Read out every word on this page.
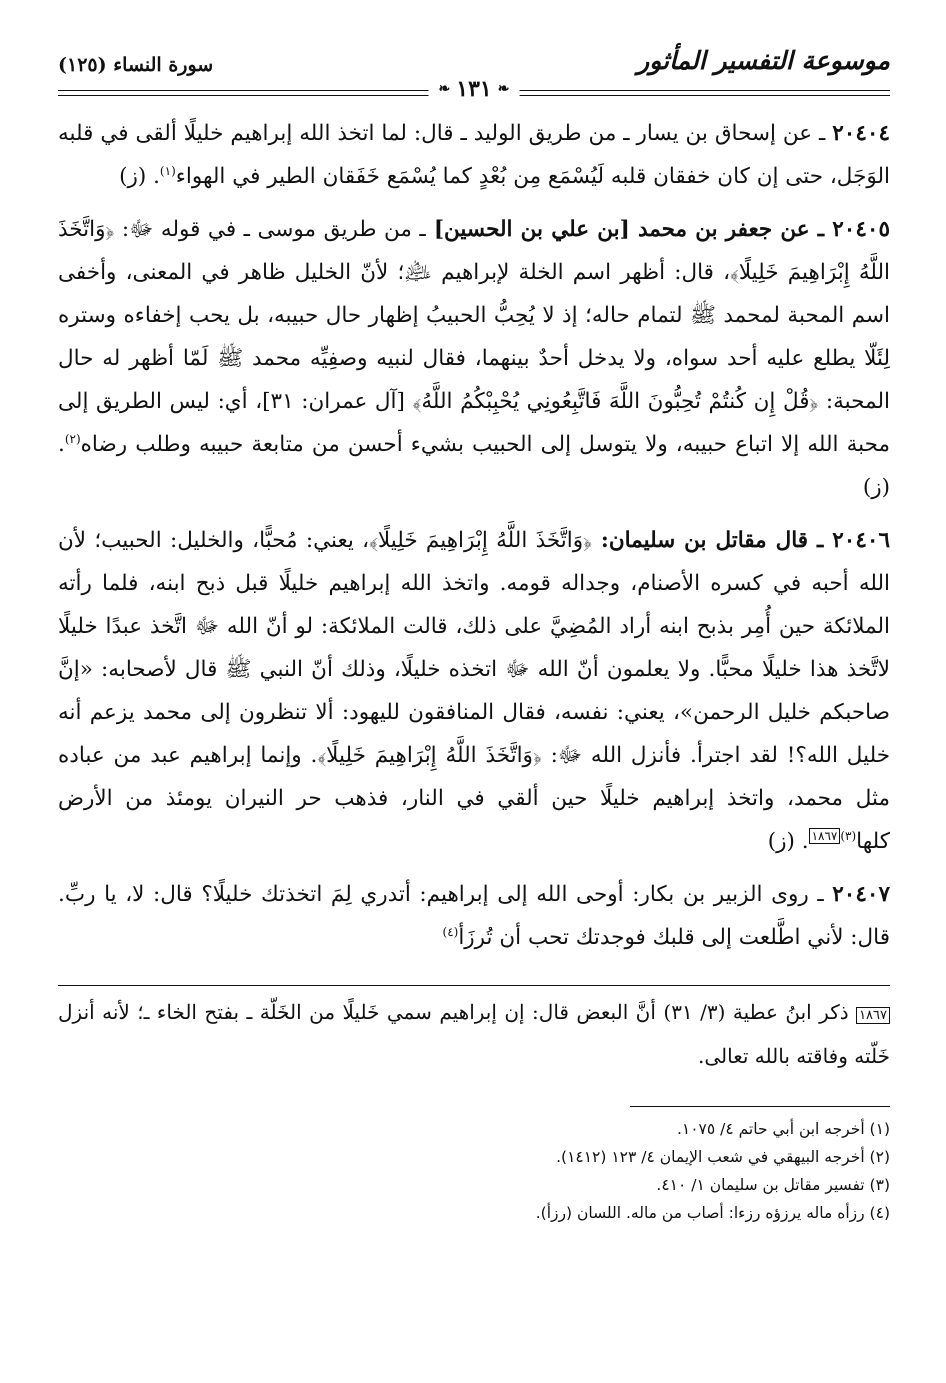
موسوعة التفسير المأثور
سورة النساء (١٢٥)
❧
١٣١
❧

٢٠٤٠٤ ـ عن إسحاق بن يسار ـ من طريق الوليد ـ قال: لما اتخذ الله إبراهيم خليلًا ألقى في قلبه الوَجَل، حتى إن كان خفقان قلبه لَيُسْمَع مِن بُعْدٍ كما يُسْمَع خَفَقان الطير في الهواء$^{(١)}$. (ز)

٢٠٤٠٥ ـ عن جعفر بن محمد [بن علي بن الحسين] ـ من طريق موسى ـ في قوله ﷻ: ﴿وَاتَّخَذَ اللَّهُ إِبْرَاهِيمَ خَلِيلًا﴾، قال: أظهر اسم الخلة لإبراهيم ﵇؛ لأنّ الخليل ظاهر في المعنى، وأخفى اسم المحبة لمحمد ﷺ لتمام حاله؛ إذ لا يُحِبُّ الحبيبُ إظهار حال حبيبه، بل يحب إخفاءه وستره لِئَلّا يطلع عليه أحد سواه، ولا يدخل أحدٌ بينهما، فقال لنبيه وصفِيِّه محمد ﷺ لَمّا أظهر له حال المحبة: ﴿قُلْ إِن كُنتُمْ تُحِبُّونَ اللَّهَ فَاتَّبِعُونِي يُحْبِبْكُمُ اللَّهُ﴾ [آل عمران: ٣١]، أي: ليس الطريق إلى محبة الله إلا اتباع حبيبه، ولا يتوسل إلى الحبيب بشيء أحسن من متابعة حبيبه وطلب رضاه$^{(٢)}$. (ز)

٢٠٤٠٦ ـ قال مقاتل بن سليمان: ﴿وَاتَّخَذَ اللَّهُ إِبْرَاهِيمَ خَلِيلًا﴾، يعني: مُحبًّا، والخليل: الحبيب؛ لأن الله أحبه في كسره الأصنام، وجداله قومه. واتخذ الله إبراهيم خليلًا قبل ذبح ابنه، فلما رأته الملائكة حين أُمِر بذبح ابنه أراد المُضِيَّ على ذلك، قالت الملائكة: لو أنّ الله ﷻ اتَّخذ عبدًا خليلًا لاتَّخذ هذا خليلًا محبًّا. ولا يعلمون أنّ الله ﷻ اتخذه خليلًا، وذلك أنّ النبي ﷺ قال لأصحابه: «إنَّ صاحبكم خليل الرحمن»، يعني: نفسه، فقال المنافقون لليهود: ألا تنظرون إلى محمد يزعم أنه خليل الله؟! لقد اجترأ. فأنزل الله ﷻ: ﴿وَاتَّخَذَ اللَّهُ إِبْرَاهِيمَ خَلِيلًا﴾. وإنما إبراهيم عبد من عباده مثل محمد، واتخذ إبراهيم خليلًا حين ألقي في النار، فذهب حر النيران يومئذ من الأرض كلها$^{(٣)١٨٦٧}$. (ز)

٢٠٤٠٧ ـ روى الزبير بن بكار: أوحى الله إلى إبراهيم: أتدري لِمَ اتخذتك خليلًا؟ قال: لا، يا ربِّ. قال: لأني اطَّلعت إلى قلبك فوجدتك تحب أن تُرزَأ$^{(٤)}$

١٨٦٧ ذكر ابنُ عطية (٣/ ٣١) أنَّ البعض قال: إن إبراهيم سمي خَليلًا من الخَلّة ـ بفتح الخاء ـ؛ لأنه أنزل خَلّته وفاقته بالله تعالى.

(١) أخرجه ابن أبي حاتم ٤/ ١٠٧٥.

(٢) أخرجه البيهقي في شعب الإيمان ٤/ ١٢٣ (١٤١٢).

(٣) تفسير مقاتل بن سليمان ١/ ٤١٠.

(٤) رزأه ماله يرزؤه رزءا: أصاب من ماله. اللسان (رزأ).
